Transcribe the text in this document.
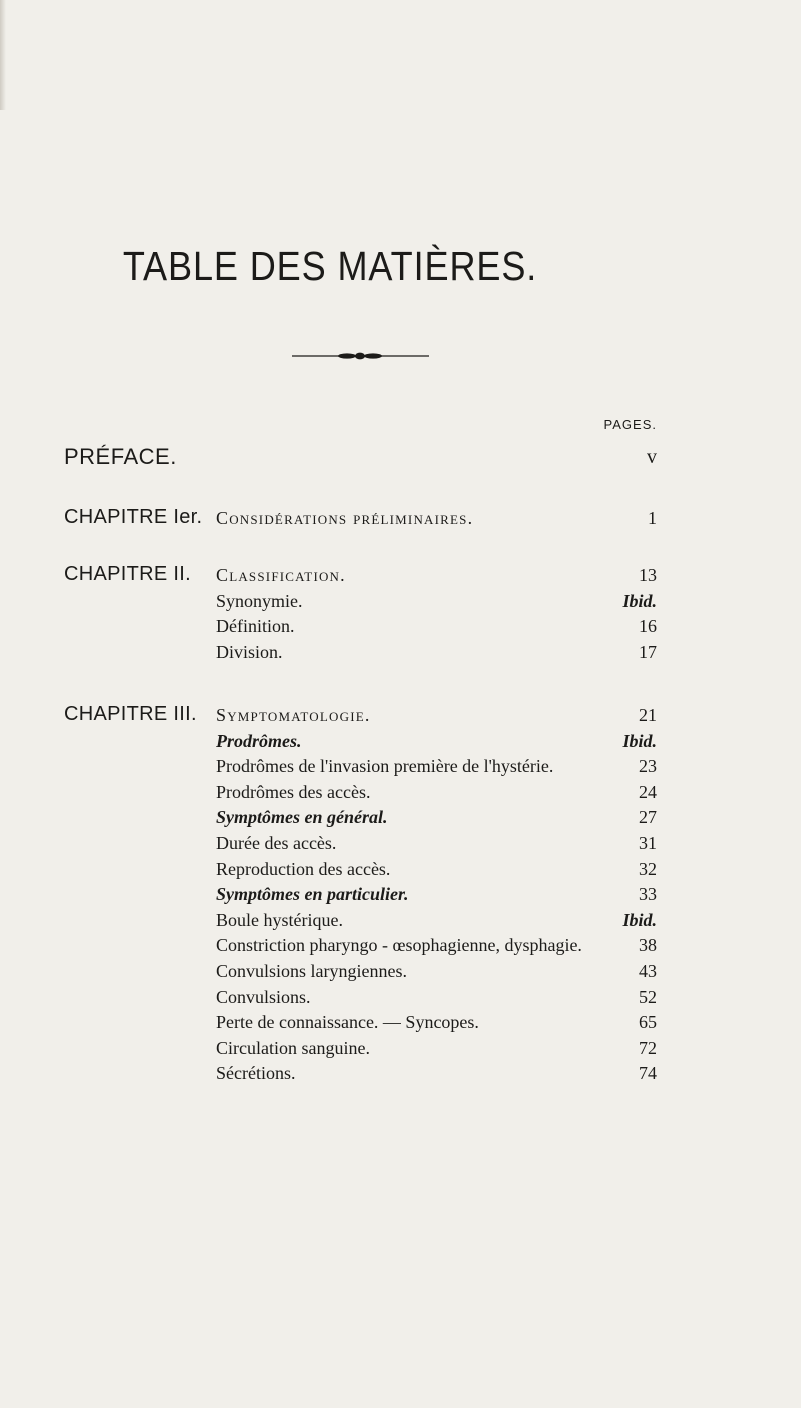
TABLE DES MATIÈRES.
PAGES.
PRÉFACE.	v
CHAPITRE Ier. Considérations préliminaires.	1
CHAPITRE II. Classification.	13
Synonymie.	Ibid.
Définition.	16
Division.	17
CHAPITRE III. Symptomatologie.	21
Prodrômes.	Ibid.
Prodrômes de l'invasion première de l'hystérie.	23
Prodrômes des accès.	24
Symptômes en général.	27
Durée des accès.	31
Reproduction des accès.	32
Symptômes en particulier.	33
Boule hystérique.	Ibid.
Constriction pharyngo - œsophagienne, dysphagie.	38
Convulsions laryngiennes.	43
Convulsions.	52
Perte de connaissance. — Syncopes.	65
Circulation sanguine.	72
Sécrétions.	74
